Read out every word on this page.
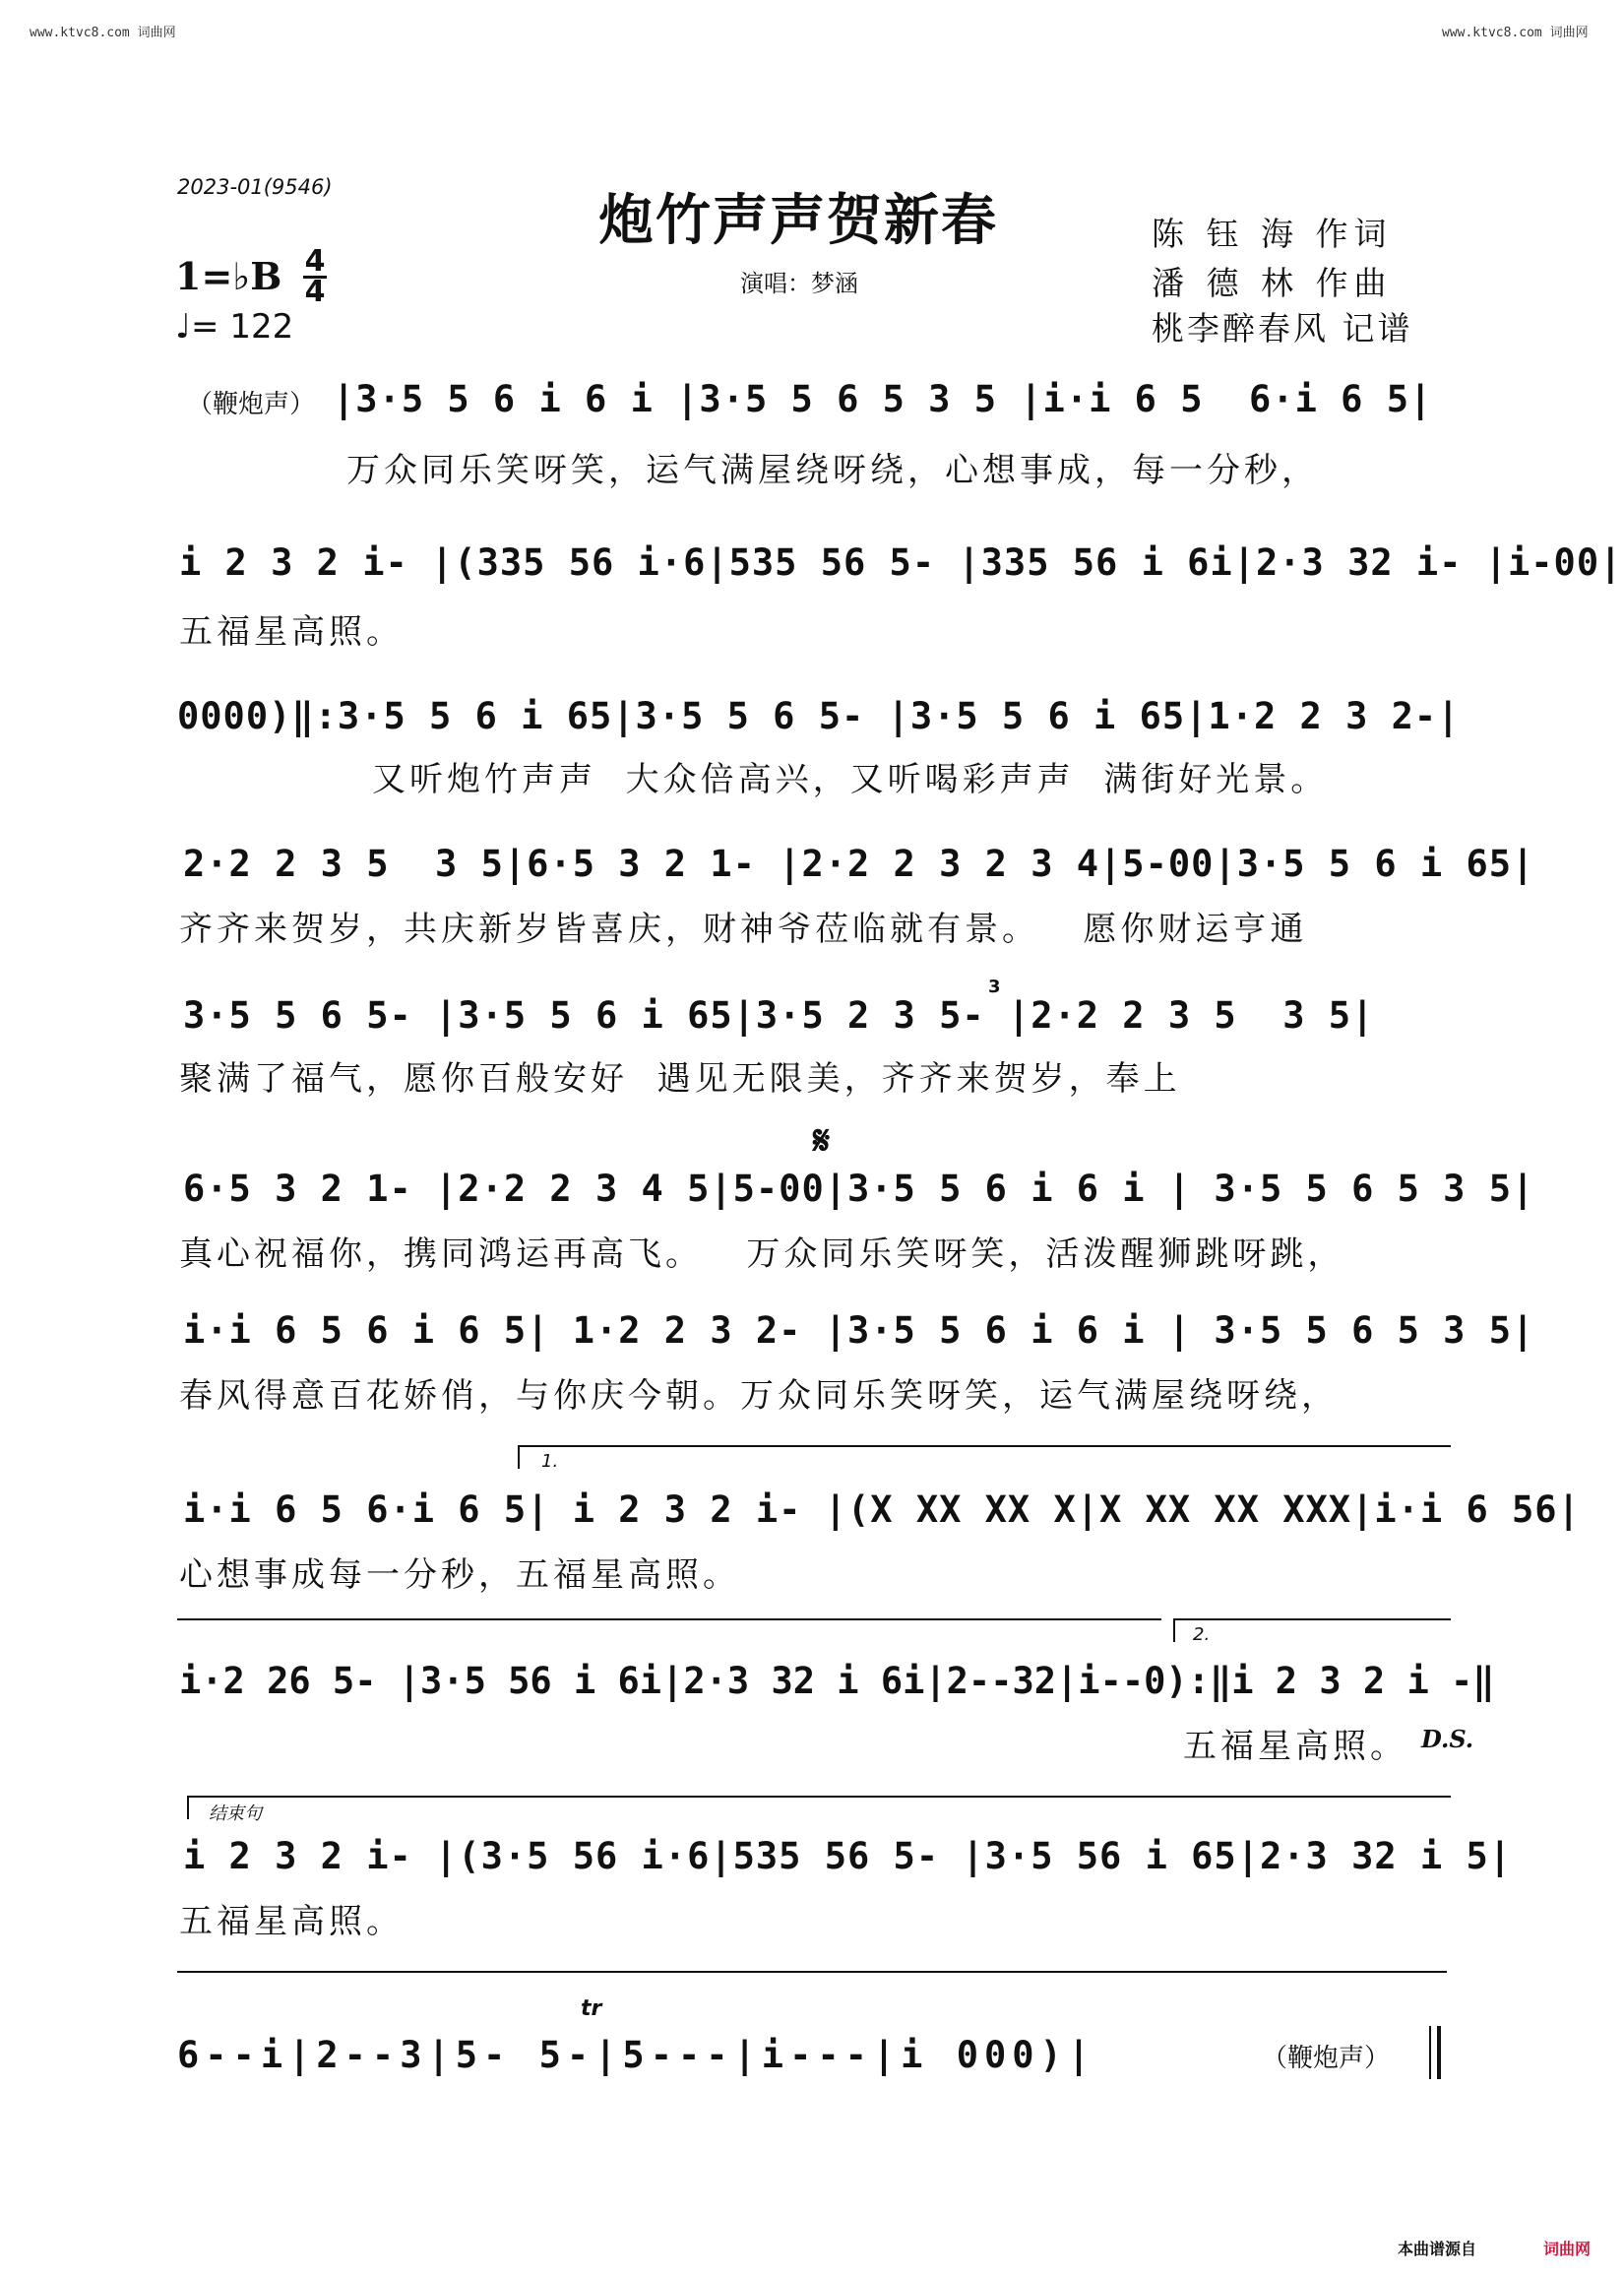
www.ktvc8.com 词曲网	www.ktvc8.com 词曲网
2023-01(9546)
炮竹声声贺新春
演唱：梦涵
陈 钰 海 作词
潘 德 林 作曲
桃李醉春风 记谱
1=♭B 4
4
♩= 122
（鞭炮声） |3·5 5 6 i 6 i |3·5 5 6 5 3 5 |i·i 6 5  6·i 6 5|
万众同乐笑呀笑，运气满屋绕呀绕，心想事成，每一分秒，
i 2 3 2 i- |(335 56 i·6|535 56 5- |335 56 i 6i|2·3 32 i- |i-00|
五福星高照。
0000)‖:3·5 5 6 i 65|3·5 5 6 5- |3·5 5 6 i 65|1·2 2 3 2-|
又听炮竹声声  大众倍高兴，又听喝彩声声  满街好光景。
2·2 2 3 5  3 5|6·5 3 2 1- |2·2 2 3 2 3 4|5-00|3·5 5 6 i 65|
齐齐来贺岁，共庆新岁皆喜庆，财神爷莅临就有景。   愿你财运亨通
3·5 5 6 5- |3·5 5 6 i 65|3·5 2 3 5- |2·2 2 3 5  3 5|
3
聚满了福气，愿你百般安好  遇见无限美，齐齐来贺岁，奉上
𝄋
6·5 3 2 1- |2·2 2 3 4 5|5-00|3·5 5 6 i 6 i | 3·5 5 6 5 3 5|
真心祝福你，携同鸿运再高飞。   万众同乐笑呀笑，活泼醒狮跳呀跳，
i·i 6 5 6 i 6 5| 1·2 2 3 2- |3·5 5 6 i 6 i | 3·5 5 6 5 3 5|
春风得意百花娇俏，与你庆今朝。万众同乐笑呀笑，运气满屋绕呀绕，
1.
i·i 6 5 6·i 6 5| i 2 3 2 i- |(X XX XX X|X XX XX XXX|i·i 6 56|
心想事成每一分秒，五福星高照。
2.
i·2 26 5- |3·5 56 i 6i|2·3 32 i 6i|2--32|i--0):‖i 2 3 2 i -‖
五福星高照。 D.S.
结束句
i 2 3 2 i- |(3·5 56 i·6|535 56 5- |3·5 56 i 65|2·3 32 i 5|
五福星高照。
tr
6--i|2--3|5- 5-|5---|i---|i 000)|	（鞭炮声）
本曲谱源自	词曲网
